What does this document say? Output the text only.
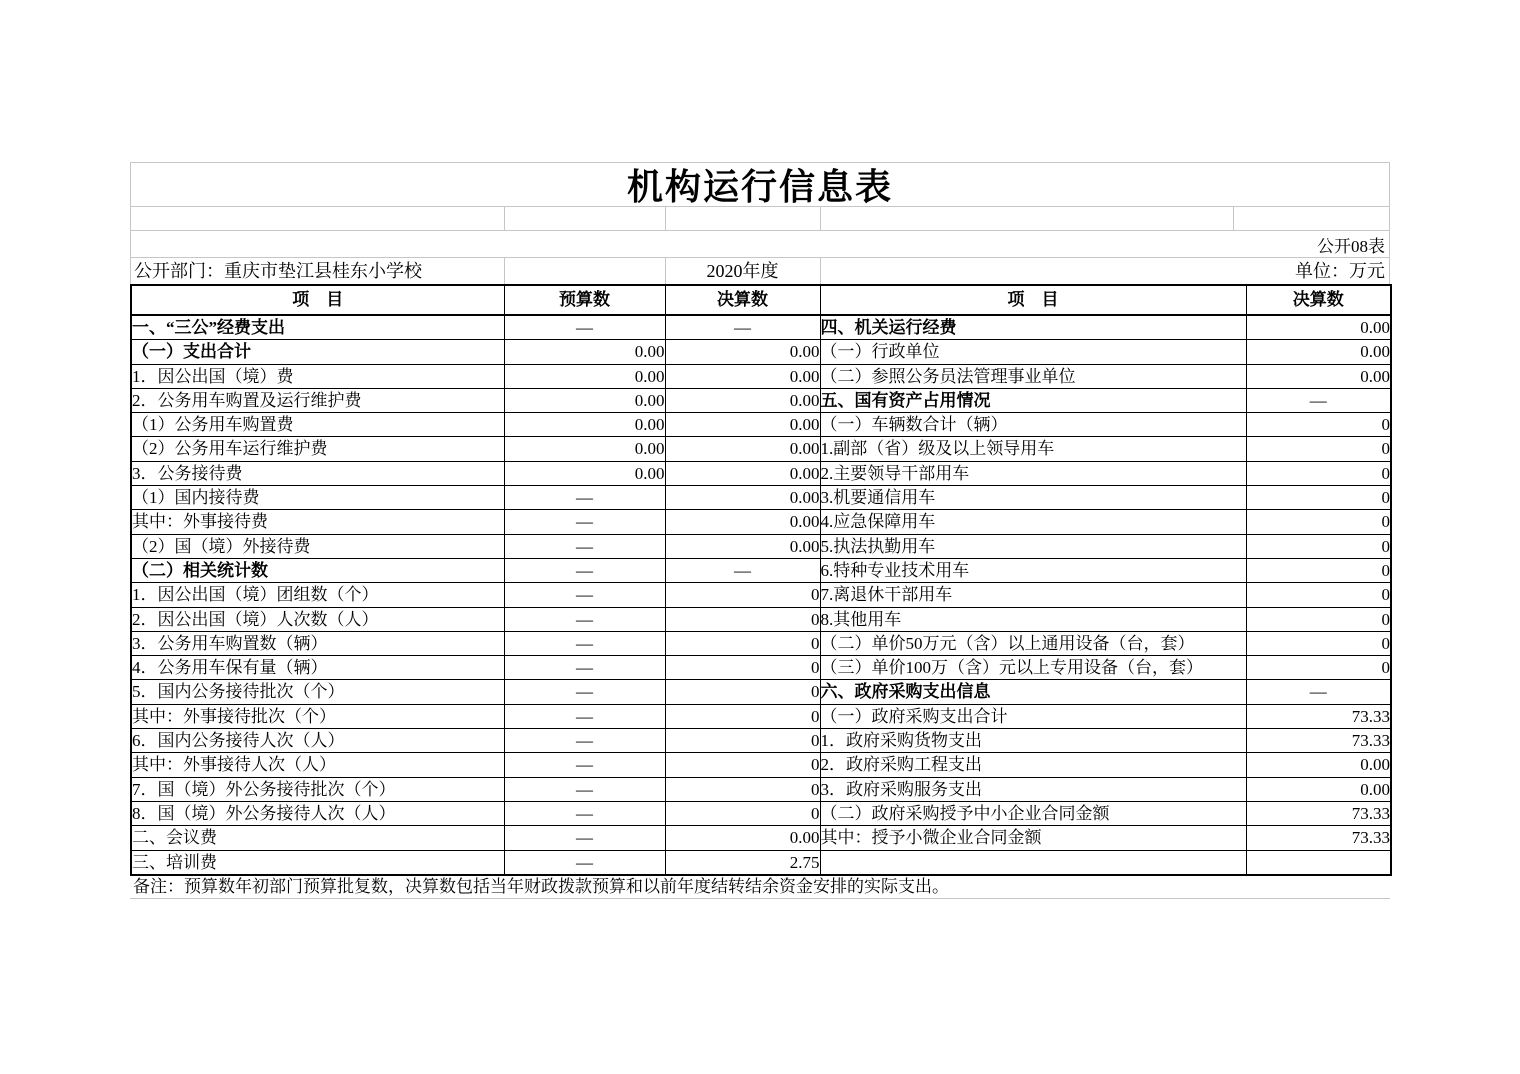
机构运行信息表
公开08表
公开部门：重庆市垫江县桂东小学校	2020年度	单位：万元
项　目	预算数	决算数	项　目	决算数
一、“三公”经费支出	—	—	四、机关运行经费	0.00
（一）支出合计	0.00	0.00	（一）行政单位	0.00
1．因公出国（境）费	0.00	0.00	（二）参照公务员法管理事业单位	0.00
2．公务用车购置及运行维护费	0.00	0.00	五、国有资产占用情况	—
（1）公务用车购置费	0.00	0.00	（一）车辆数合计（辆）	0
（2）公务用车运行维护费	0.00	0.00	1.副部（省）级及以上领导用车	0
3．公务接待费	0.00	0.00	2.主要领导干部用车	0
（1）国内接待费	—	0.00	3.机要通信用车	0
其中：外事接待费	—	0.00	4.应急保障用车	0
（2）国（境）外接待费	—	0.00	5.执法执勤用车	0
（二）相关统计数	—	—	6.特种专业技术用车	0
1．因公出国（境）团组数（个）	—	0	7.离退休干部用车	0
2．因公出国（境）人次数（人）	—	0	8.其他用车	0
3．公务用车购置数（辆）	—	0	（二）单价50万元（含）以上通用设备（台，套）	0
4．公务用车保有量（辆）	—	0	（三）单价100万（含）元以上专用设备（台，套）	0
5．国内公务接待批次（个）	—	0	六、政府采购支出信息	—
其中：外事接待批次（个）	—	0	（一）政府采购支出合计	73.33
6．国内公务接待人次（人）	—	0	1．政府采购货物支出	73.33
其中：外事接待人次（人）	—	0	2．政府采购工程支出	0.00
7．国（境）外公务接待批次（个）	—	0	3．政府采购服务支出	0.00
8．国（境）外公务接待人次（人）	—	0	（二）政府采购授予中小企业合同金额	73.33
二、会议费	—	0.00	其中：授予小微企业合同金额	73.33
三、培训费	—	2.75		
备注：预算数年初部门预算批复数，决算数包括当年财政拨款预算和以前年度结转结余资金安排的实际支出。
